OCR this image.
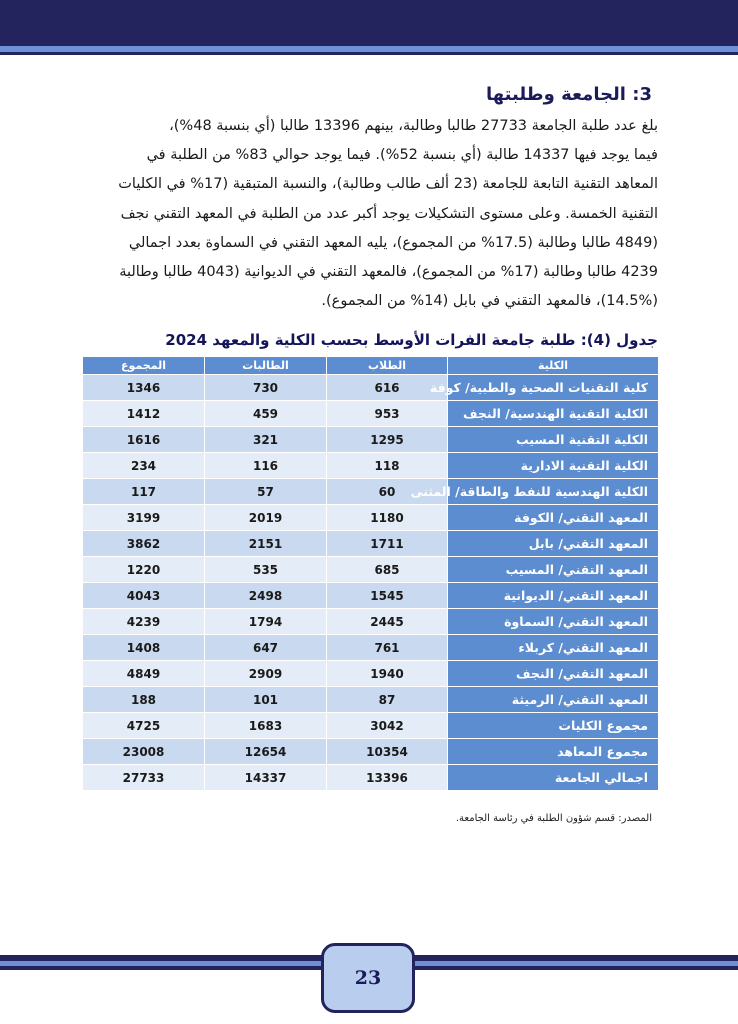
3: الجامعة وطلبتها
بلغ عدد طلبة الجامعة 27733 طالبا وطالبة، بينهم 13396 طالبا (أي بنسبة 48%)،
فيما يوجد فيها 14337 طالبة (أي بنسبة 52%). فيما يوجد حوالي 83% من الطلبة في
المعاهد التقنية التابعة للجامعة (23 ألف طالب وطالبة)، والنسبة المتبقية (17% في الكليات
التقنية الخمسة. وعلى مستوى التشكيلات يوجد أكبر عدد من الطلبة في المعهد التقني نجف
(4849 طالبا وطالبة (17.5% من المجموع)، يليه المعهد التقني في السماوة بعدد اجمالي
4239 طالبا وطالبة (17% من المجموع)، فالمعهد التقني في الديوانية (4043 طالبا وطالبة
(14.5%)، فالمعهد التقني في بابل (14% من المجموع).
جدول (4): طلبة جامعة الفرات الأوسط بحسب الكلية والمعهد 2024
الكلية	الطلاب	الطالبات	المجموع
كلية التقنيات الصحية والطبية/ كوفة	616	730	1346
الكلية التقنية الهندسية/ النجف	953	459	1412
الكلية التقنية المسيب	1295	321	1616
الكلية التقنية الادارية	118	116	234
الكلية الهندسية للنفط والطاقة/ المثنى	60	57	117
المعهد التقني/ الكوفة	1180	2019	3199
المعهد التقني/ بابل	1711	2151	3862
المعهد التقني/ المسيب	685	535	1220
المعهد التقني/ الديوانية	1545	2498	4043
المعهد التقني/ السماوة	2445	1794	4239
المعهد التقني/ كربلاء	761	647	1408
المعهد التقني/ النجف	1940	2909	4849
المعهد التقني/ الرميثة	87	101	188
مجموع الكليات	3042	1683	4725
مجموع المعاهد	10354	12654	23008
اجمالي الجامعة	13396	14337	27733
المصدر: قسم شؤون الطلبة في رئاسة الجامعة.
23
